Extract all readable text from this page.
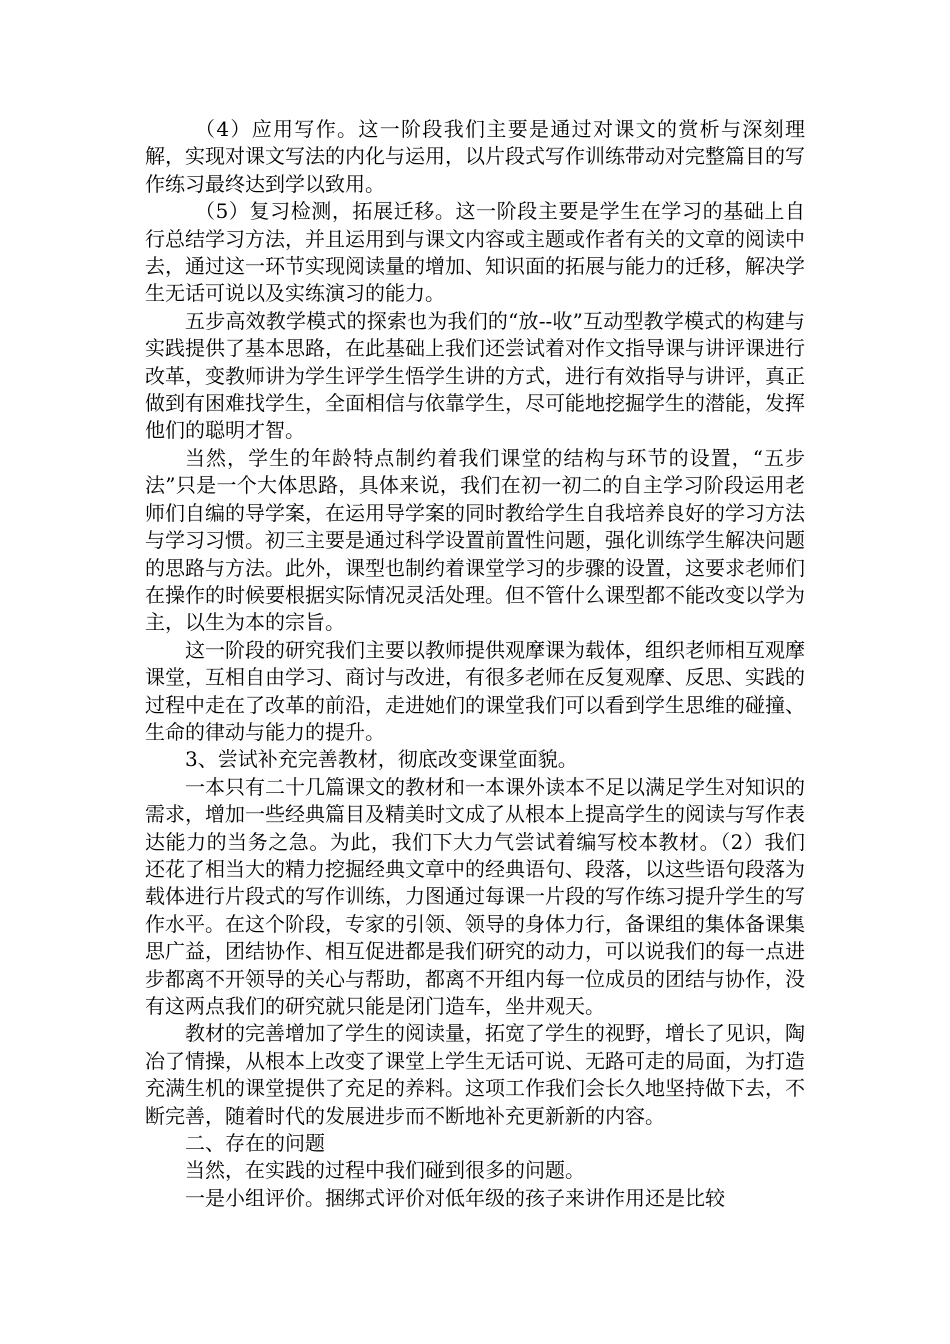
（4）应用写作。这一阶段我们主要是通过对课文的赏析与深刻理解，实现对课文写法的内化与运用，以片段式写作训练带动对完整篇目的写作练习最终达到学以致用。

（5）复习检测，拓展迁移。这一阶段主要是学生在学习的基础上自行总结学习方法，并且运用到与课文内容或主题或作者有关的文章的阅读中去，通过这一环节实现阅读量的增加、知识面的拓展与能力的迁移，解决学生无话可说以及实练演习的能力。

五步高效教学模式的探索也为我们的“放--收”互动型教学模式的构建与实践提供了基本思路，在此基础上我们还尝试着对作文指导课与讲评课进行改革，变教师讲为学生评学生悟学生讲的方式，进行有效指导与讲评，真正做到有困难找学生，全面相信与依靠学生，尽可能地挖掘学生的潜能，发挥他们的聪明才智。

当然，学生的年龄特点制约着我们课堂的结构与环节的设置，“五步法”只是一个大体思路，具体来说，我们在初一初二的自主学习阶段运用老师们自编的导学案，在运用导学案的同时教给学生自我培养良好的学习方法与学习习惯。初三主要是通过科学设置前置性问题，强化训练学生解决问题的思路与方法。此外，课型也制约着课堂学习的步骤的设置，这要求老师们在操作的时候要根据实际情况灵活处理。但不管什么课型都不能改变以学为主，以生为本的宗旨。

这一阶段的研究我们主要以教师提供观摩课为载体，组织老师相互观摩课堂，互相自由学习、商讨与改进，有很多老师在反复观摩、反思、实践的过程中走在了改革的前沿，走进她们的课堂我们可以看到学生思维的碰撞、生命的律动与能力的提升。

3、尝试补充完善教材，彻底改变课堂面貌。

一本只有二十几篇课文的教材和一本课外读本不足以满足学生对知识的需求，增加一些经典篇目及精美时文成了从根本上提高学生的阅读与写作表达能力的当务之急。为此，我们下大力气尝试着编写校本教材。（2）我们还花了相当大的精力挖掘经典文章中的经典语句、段落，以这些语句段落为载体进行片段式的写作训练，力图通过每课一片段的写作练习提升学生的写作水平。在这个阶段，专家的引领、领导的身体力行，备课组的集体备课集思广益，团结协作、相互促进都是我们研究的动力，可以说我们的每一点进步都离不开领导的关心与帮助，都离不开组内每一位成员的团结与协作，没有这两点我们的研究就只能是闭门造车，坐井观天。

教材的完善增加了学生的阅读量，拓宽了学生的视野，增长了见识，陶冶了情操，从根本上改变了课堂上学生无话可说、无路可走的局面，为打造充满生机的课堂提供了充足的养料。这项工作我们会长久地坚持做下去，不断完善，随着时代的发展进步而不断地补充更新新的内容。

二、存在的问题

当然，在实践的过程中我们碰到很多的问题。

一是小组评价。捆绑式评价对低年级的孩子来讲作用还是比较
